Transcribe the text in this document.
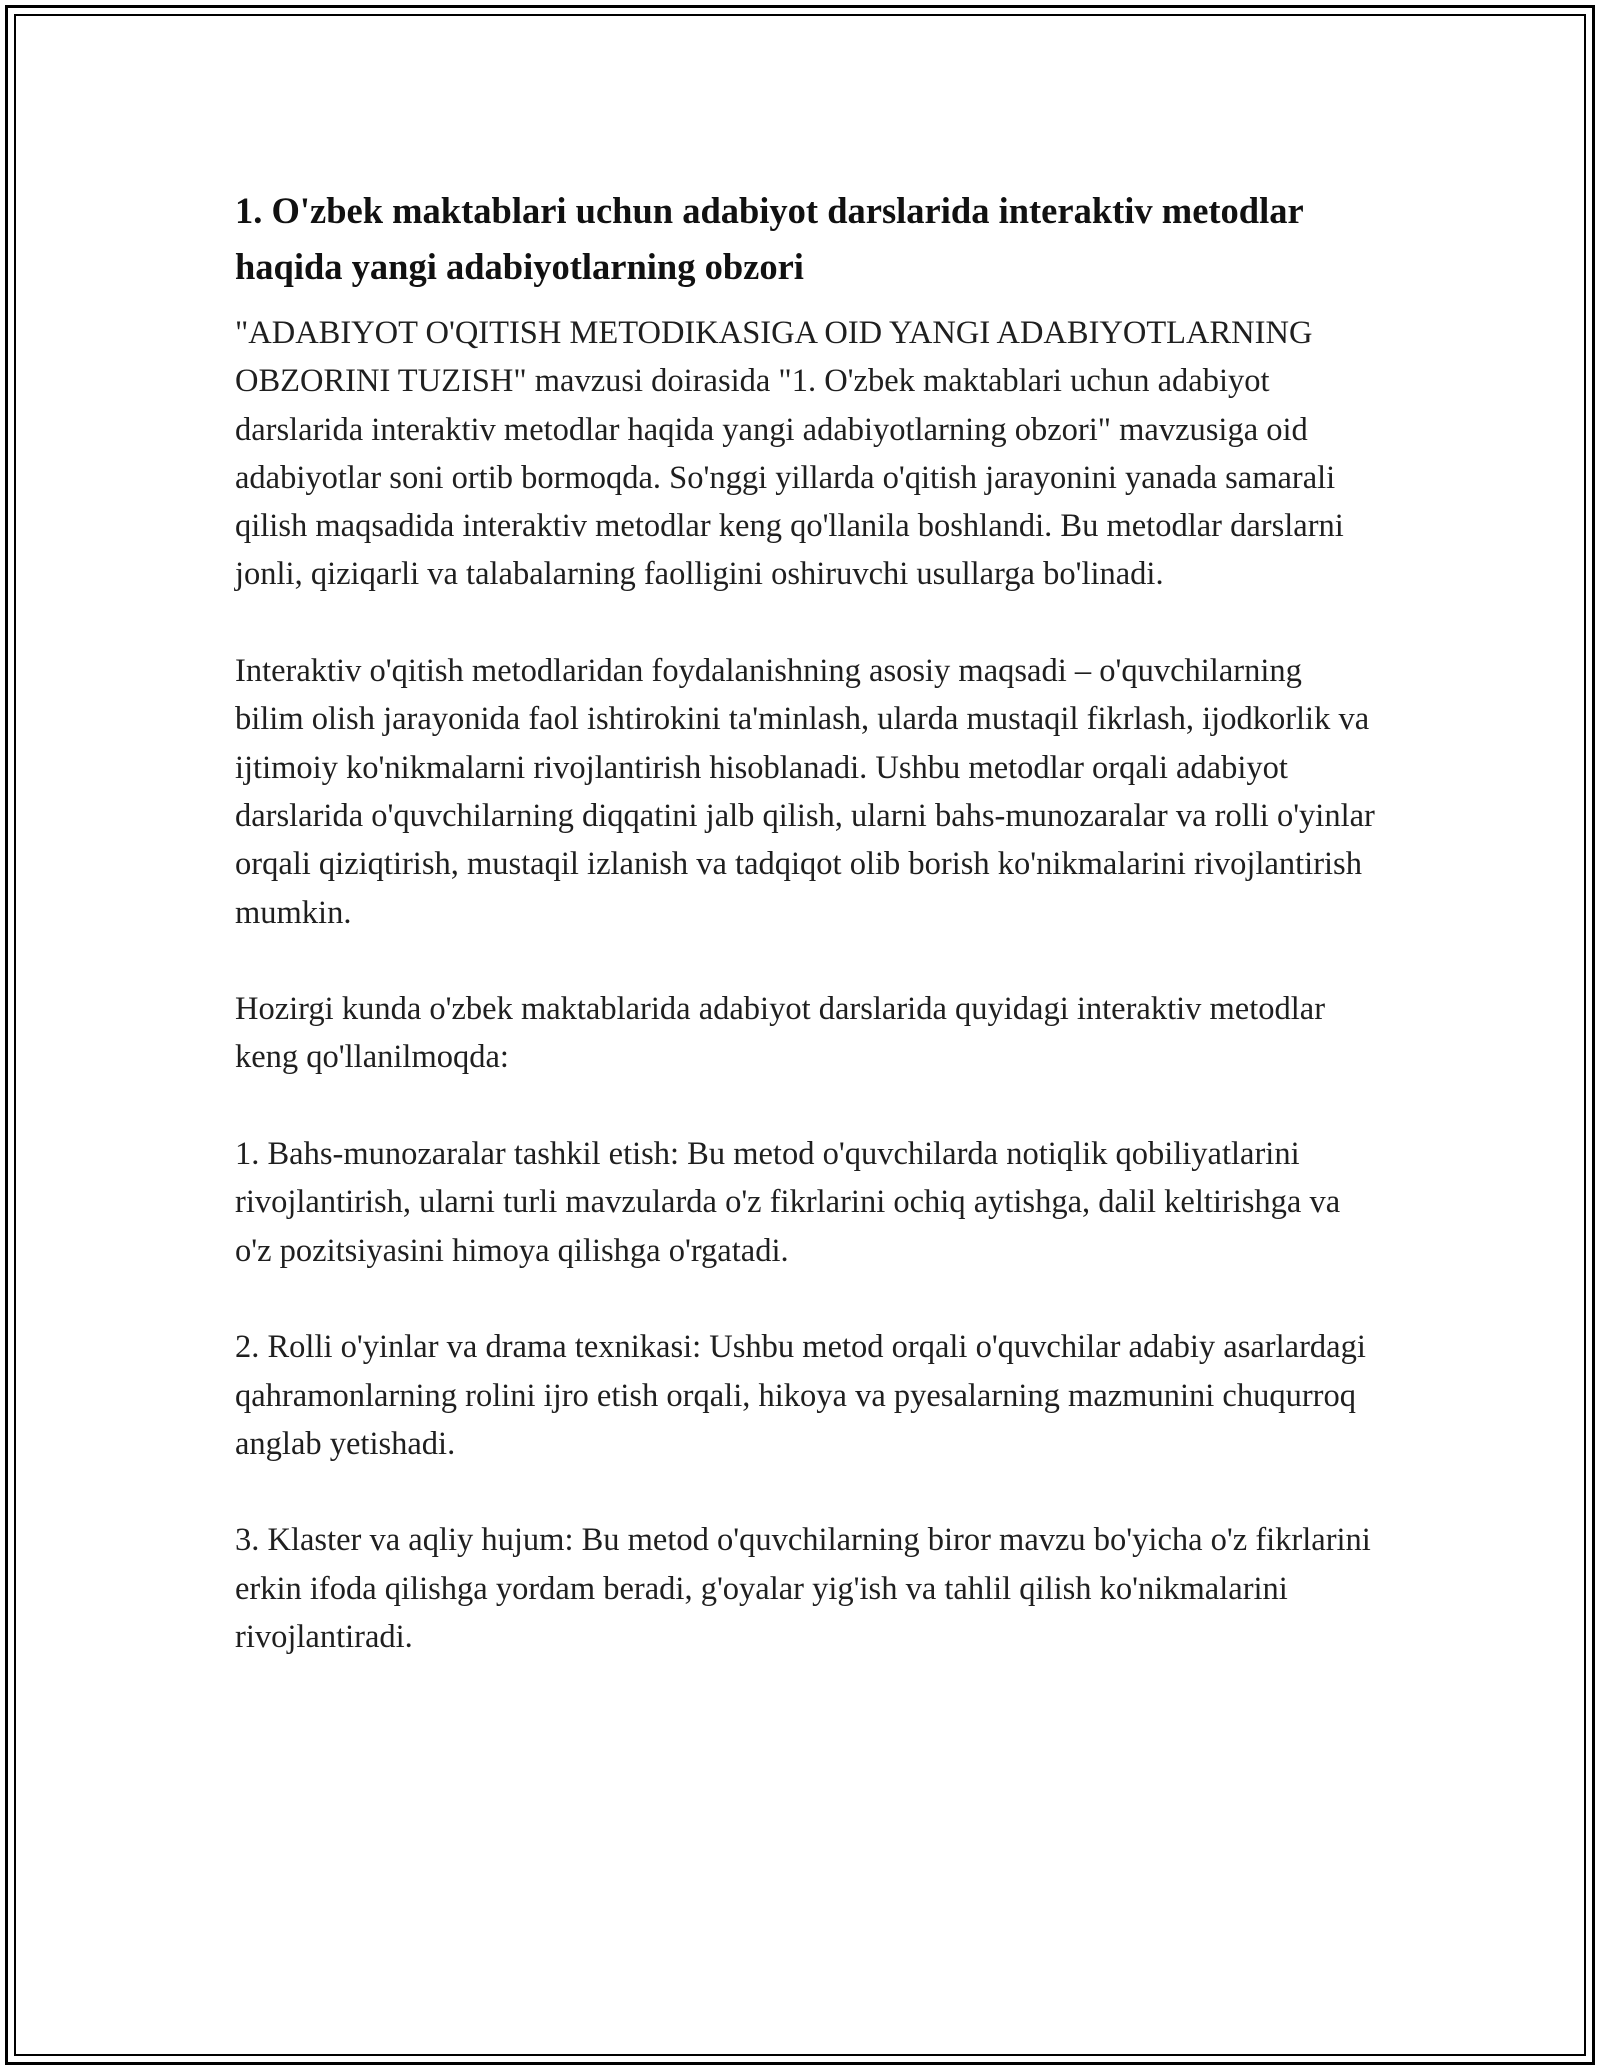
1. O'zbek maktablari uchun adabiyot darslarida interaktiv metodlar haqida yangi adabiyotlarning obzori

"ADABIYOT O'QITISH METODIKASIGA OID YANGI ADABIYOTLARNING OBZORINI TUZISH" mavzusi doirasida "1. O'zbek maktablari uchun adabiyot darslarida interaktiv metodlar haqida yangi adabiyotlarning obzori" mavzusiga oid adabiyotlar soni ortib bormoqda. So'nggi yillarda o'qitish jarayonini yanada samarali qilish maqsadida interaktiv metodlar keng qo'llanila boshlandi. Bu metodlar darslarni jonli, qiziqarli va talabalarning faolligini oshiruvchi usullarga bo'linadi.

Interaktiv o'qitish metodlaridan foydalanishning asosiy maqsadi – o'quvchilarning bilim olish jarayonida faol ishtirokini ta'minlash, ularda mustaqil fikrlash, ijodkorlik va ijtimoiy ko'nikmalarni rivojlantirish hisoblanadi. Ushbu metodlar orqali adabiyot darslarida o'quvchilarning diqqatini jalb qilish, ularni bahs-munozaralar va rolli o'yinlar orqali qiziqtirish, mustaqil izlanish va tadqiqot olib borish ko'nikmalarini rivojlantirish mumkin.

Hozirgi kunda o'zbek maktablarida adabiyot darslarida quyidagi interaktiv metodlar keng qo'llanilmoqda:

1. Bahs-munozaralar tashkil etish: Bu metod o'quvchilarda notiqlik qobiliyatlarini rivojlantirish, ularni turli mavzularda o'z fikrlarini ochiq aytishga, dalil keltirishga va o'z pozitsiyasini himoya qilishga o'rgatadi.

2. Rolli o'yinlar va drama texnikasi: Ushbu metod orqali o'quvchilar adabiy asarlardagi qahramonlarning rolini ijro etish orqali, hikoya va pyesalarning mazmunini chuqurroq anglab yetishadi.

3. Klaster va aqliy hujum: Bu metod o'quvchilarning biror mavzu bo'yicha o'z fikrlarini erkin ifoda qilishga yordam beradi, g'oyalar yig'ish va tahlil qilish ko'nikmalarini rivojlantiradi.
